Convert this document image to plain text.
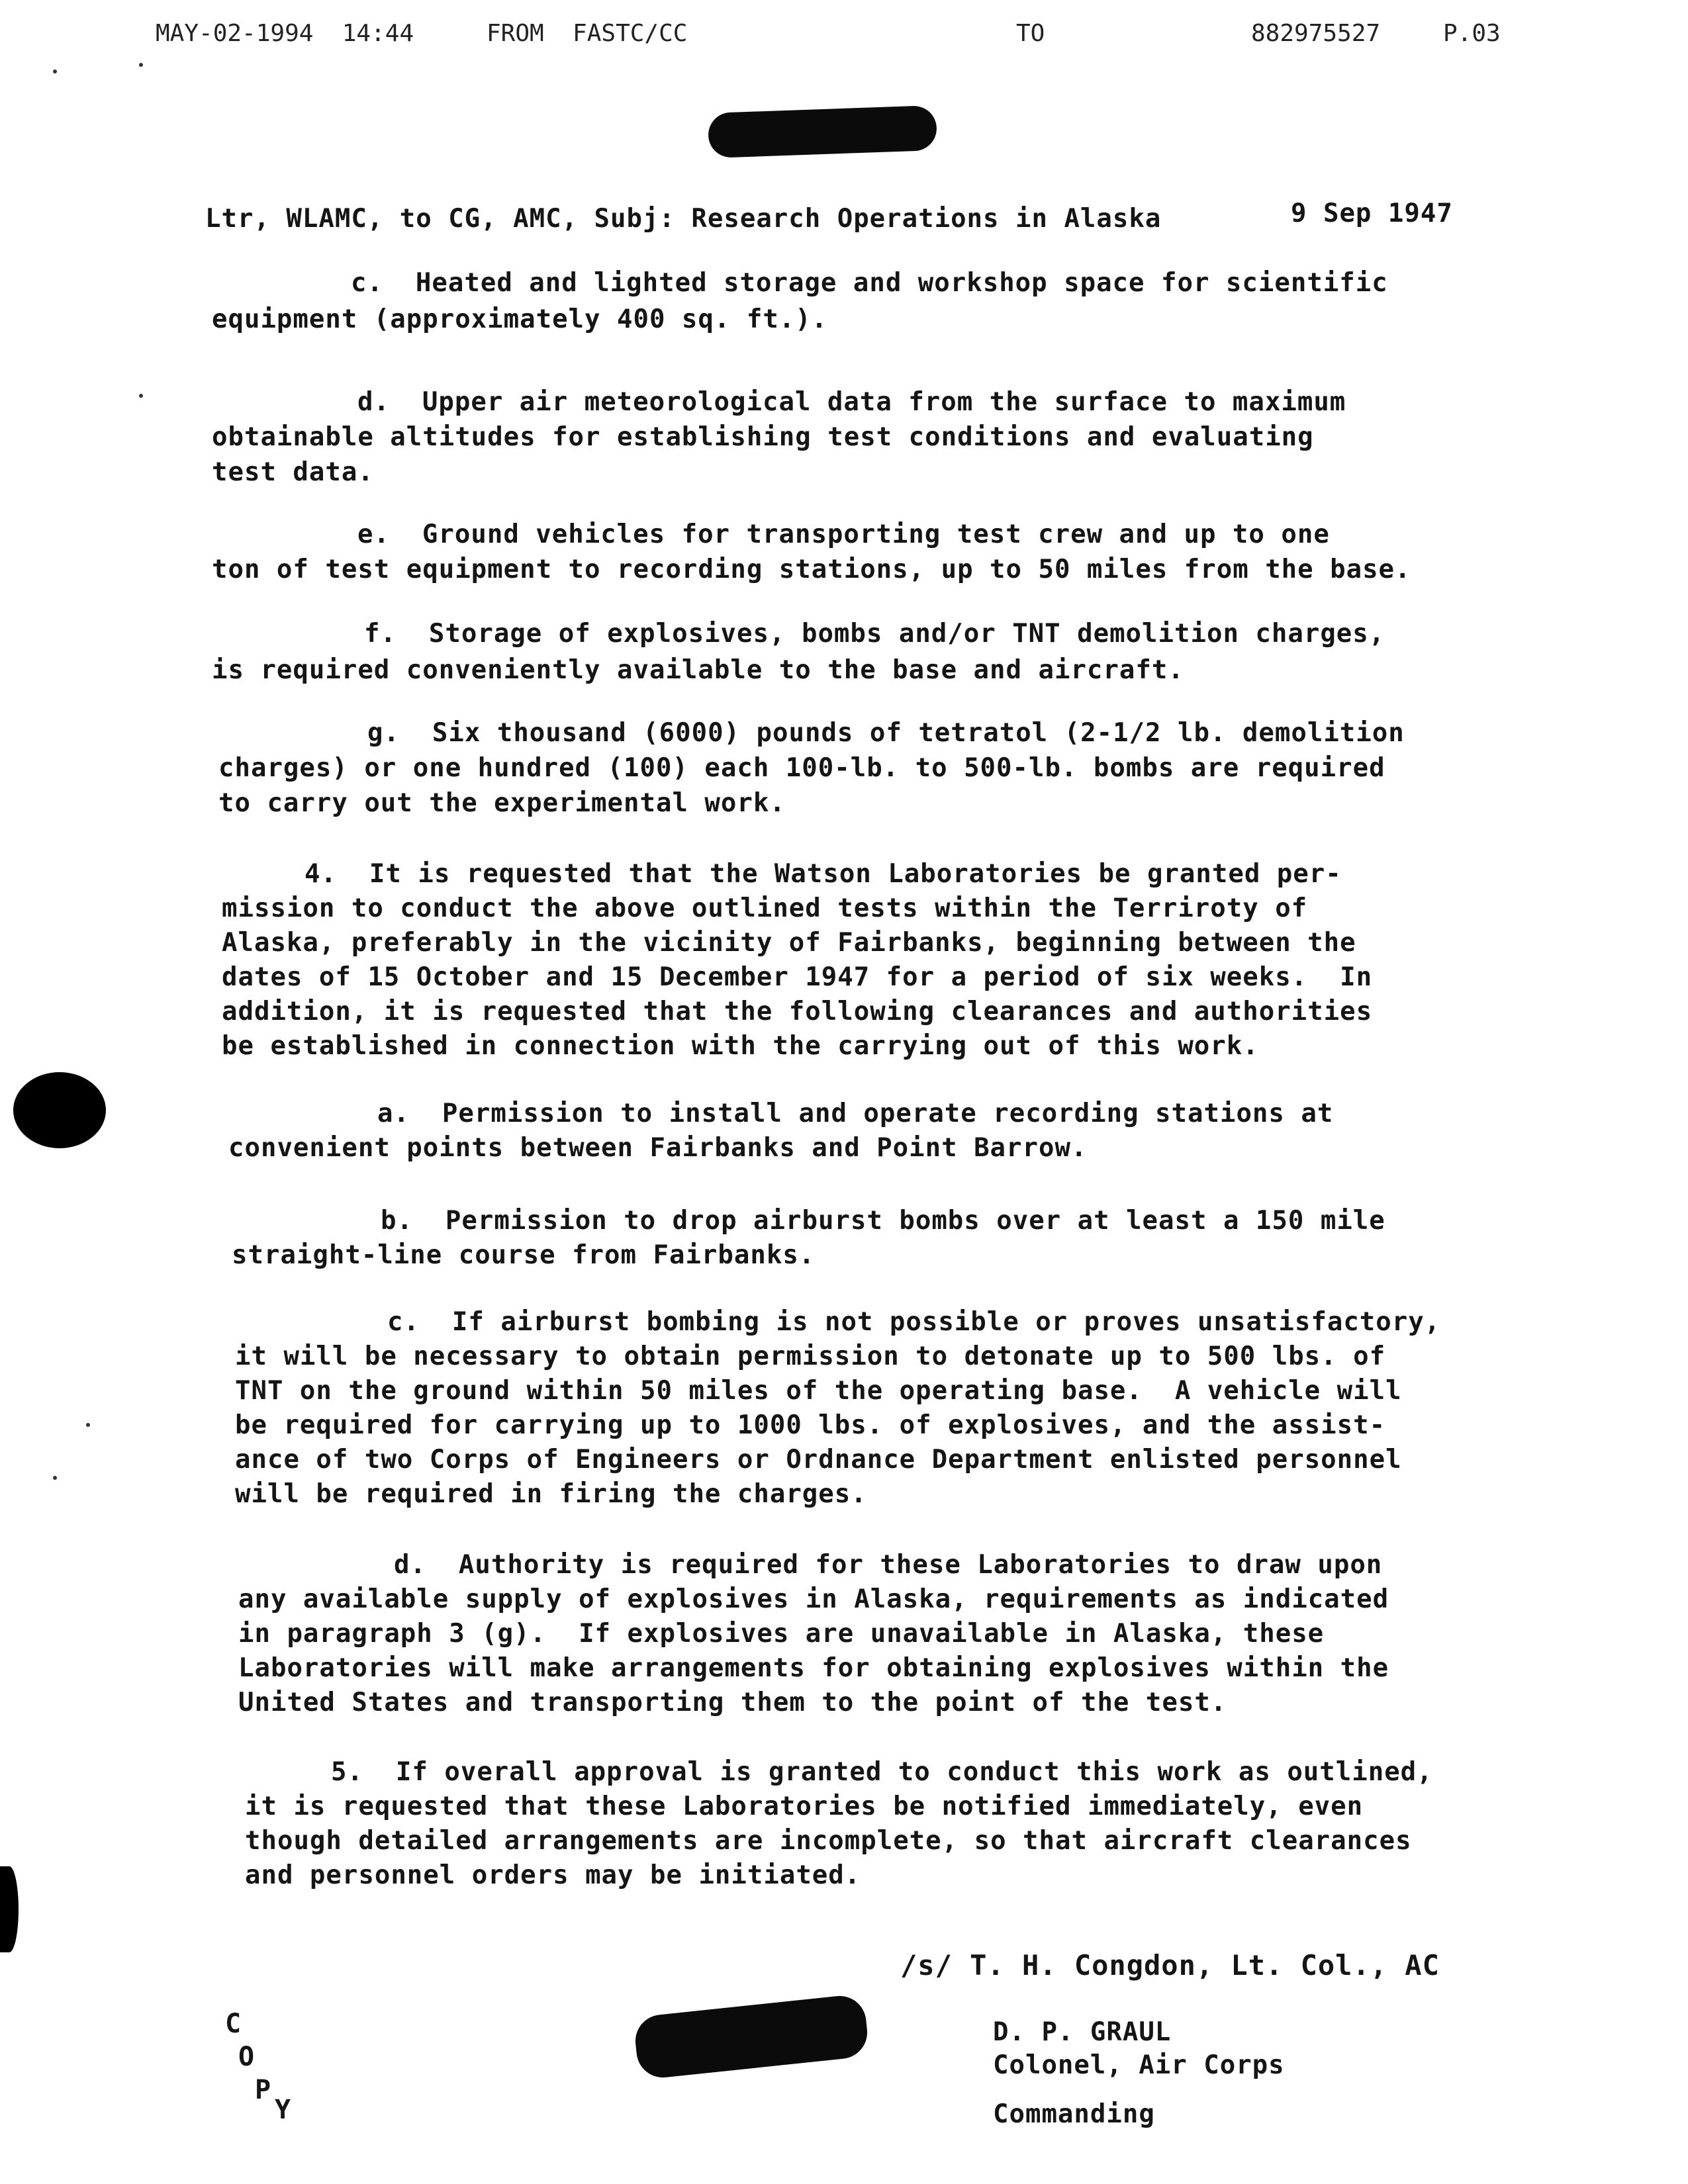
MAY-02-1994  14:44	FROM  FASTC/CC	TO	882975527	P.03
Ltr, WLAMC, to CG, AMC, Subj: Research Operations in Alaska	9 Sep 1947
c.  Heated and lighted storage and workshop space for scientific
equipment (approximately 400 sq. ft.).
d.  Upper air meteorological data from the surface to maximum
obtainable altitudes for establishing test conditions and evaluating
test data.
e.  Ground vehicles for transporting test crew and up to one
ton of test equipment to recording stations, up to 50 miles from the base.
f.  Storage of explosives, bombs and/or TNT demolition charges,
is required conveniently available to the base and aircraft.
g.  Six thousand (6000) pounds of tetratol (2-1/2 lb. demolition
charges) or one hundred (100) each 100-lb. to 500-lb. bombs are required
to carry out the experimental work.
4.  It is requested that the Watson Laboratories be granted per-
mission to conduct the above outlined tests within the Terriroty of
Alaska, preferably in the vicinity of Fairbanks, beginning between the
dates of 15 October and 15 December 1947 for a period of six weeks.  In
addition, it is requested that the following clearances and authorities
be established in connection with the carrying out of this work.
a.  Permission to install and operate recording stations at
convenient points between Fairbanks and Point Barrow.
b.  Permission to drop airburst bombs over at least a 150 mile
straight-line course from Fairbanks.
c.  If airburst bombing is not possible or proves unsatisfactory,
it will be necessary to obtain permission to detonate up to 500 lbs. of
TNT on the ground within 50 miles of the operating base.  A vehicle will
be required for carrying up to 1000 lbs. of explosives, and the assist-
ance of two Corps of Engineers or Ordnance Department enlisted personnel
will be required in firing the charges.
d.  Authority is required for these Laboratories to draw upon
any available supply of explosives in Alaska, requirements as indicated
in paragraph 3 (g).  If explosives are unavailable in Alaska, these
Laboratories will make arrangements for obtaining explosives within the
United States and transporting them to the point of the test.
5.  If overall approval is granted to conduct this work as outlined,
it is requested that these Laboratories be notified immediately, even
though detailed arrangements are incomplete, so that aircraft clearances
and personnel orders may be initiated.
/s/ T. H. Congdon, Lt. Col., AC
D. P. GRAUL
Colonel, Air Corps
Commanding
C
O
P
Y
